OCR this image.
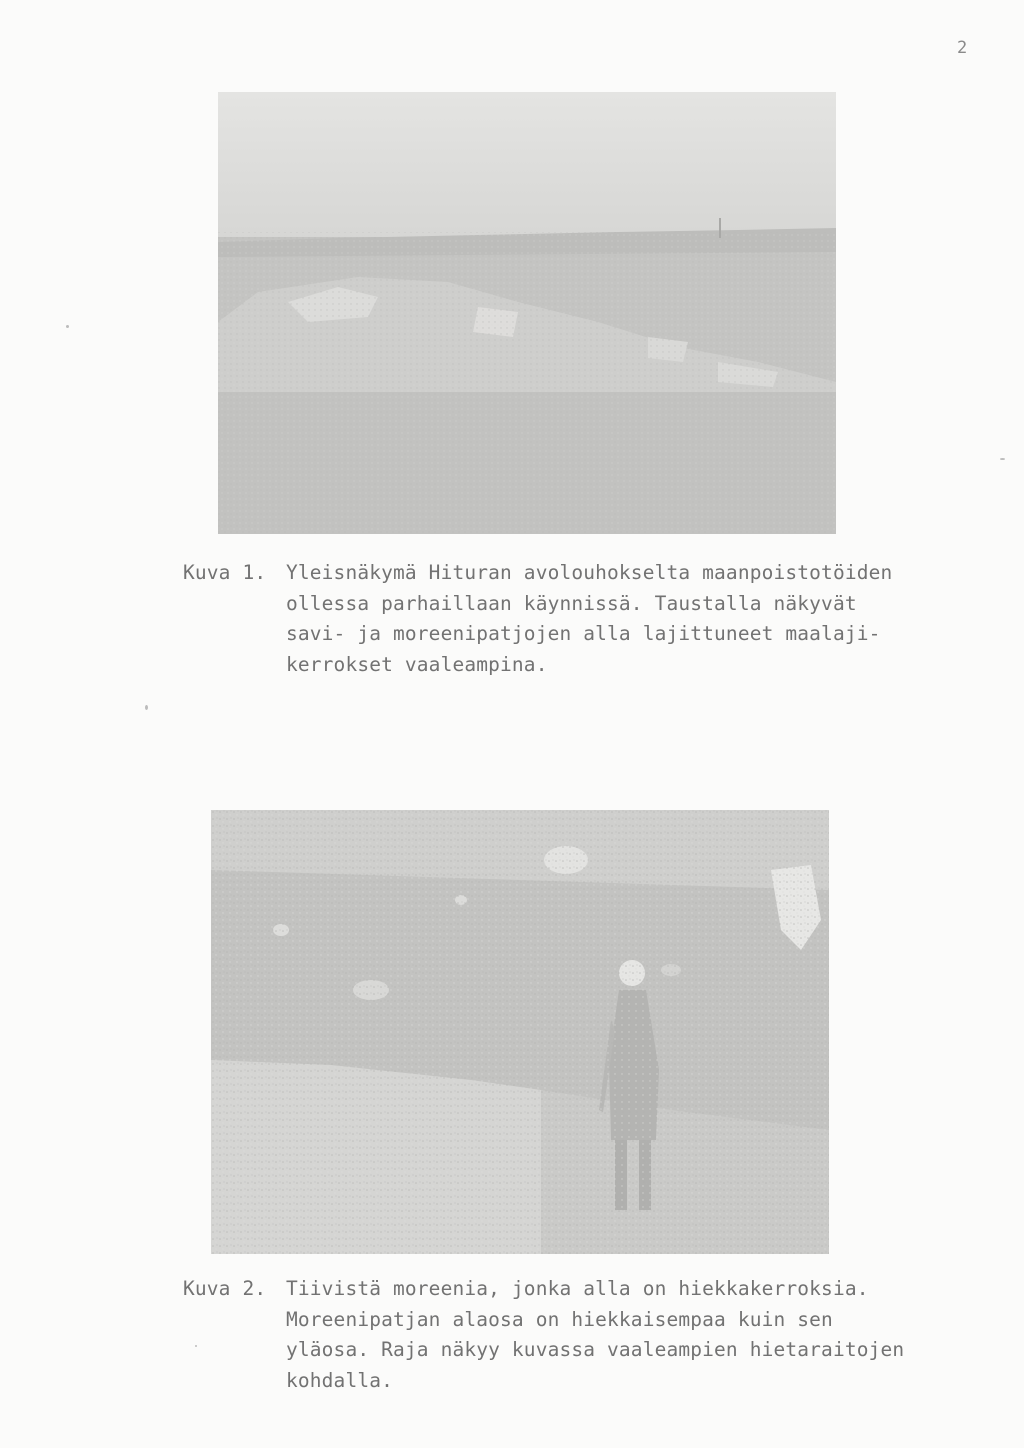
2
Kuva 1. Yleisnäkymä Hituran avolouhokselta maanpoistotöiden
ollessa parhaillaan käynnissä. Taustalla näkyvät
savi- ja moreenipatjojen alla lajittuneet maalaji-
kerrokset vaaleampina.
Kuva 2. Tiivistä moreenia, jonka alla on hiekkakerroksia.
Moreenipatjan alaosa on hiekkaisempaa kuin sen
yläosa. Raja näkyy kuvassa vaaleampien hietaraitojen
kohdalla.
